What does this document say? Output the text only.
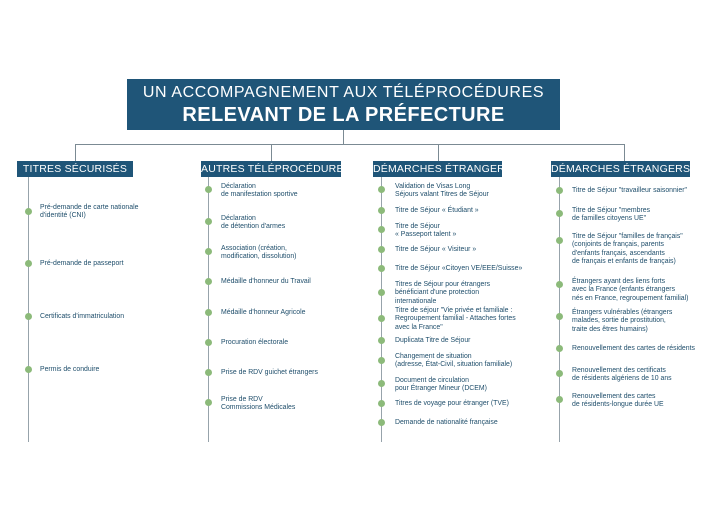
UN ACCOMPAGNEMENT AUX TÉLÉPROCÉDURES
RELEVANT DE LA PRÉFECTURE
TITRES SÉCURISÉS	AUTRES TÉLÉPROCÉDURES DÉMARCHES ÉTRANGERS	DÉMARCHES ÉTRANGERS
Pré-demande de carte nationale
d'identité (CNI)
Pré-demande de passeport
Certificats d'immatriculation
Permis de conduire
Déclaration
de manifestation sportive
Déclaration
de détention d'armes
Association (création,
modification, dissolution)
Médaille d'honneur du Travail
Médaille d'honneur Agricole
Procuration électorale
Prise de RDV guichet étrangers
Prise de RDV
Commissions Médicales
Validation de Visas Long
Séjours valant Titres de Séjour
Titre de Séjour « Étudiant »
Titre de Séjour
« Passeport talent »
Titre de Séjour « Visiteur »
Titre de Séjour «Citoyen VE/EEE/Suisse»
Titres de Séjour pour étrangers
bénéficiant d'une protection
internationale
Titre de séjour "Vie privée et familiale :
Regroupement familial - Attaches fortes
avec la France"
Duplicata Titre de Séjour
Changement de situation
(adresse, État-Civil, situation familiale)
Document de circulation
pour Étranger Mineur (DCEM)
Titres de voyage pour étranger (TVE)
Demande de nationalité française
Titre de Séjour "travailleur saisonnier"
Titre de Séjour "membres
de familles citoyens UE"
Titre de Séjour "familles de français"
(conjoints de français, parents
d'enfants français, ascendants
de français et enfants de français)
Étrangers ayant des liens forts
avec la France (enfants étrangers
nés en France, regroupement familial)
Étrangers vulnérables (étrangers
malades, sortie de prostitution,
traite des êtres humains)
Renouvellement des cartes de résidents
Renouvellement des certificats
de résidents algériens de 10 ans
Renouvellement des cartes
de résidents-longue durée UE
